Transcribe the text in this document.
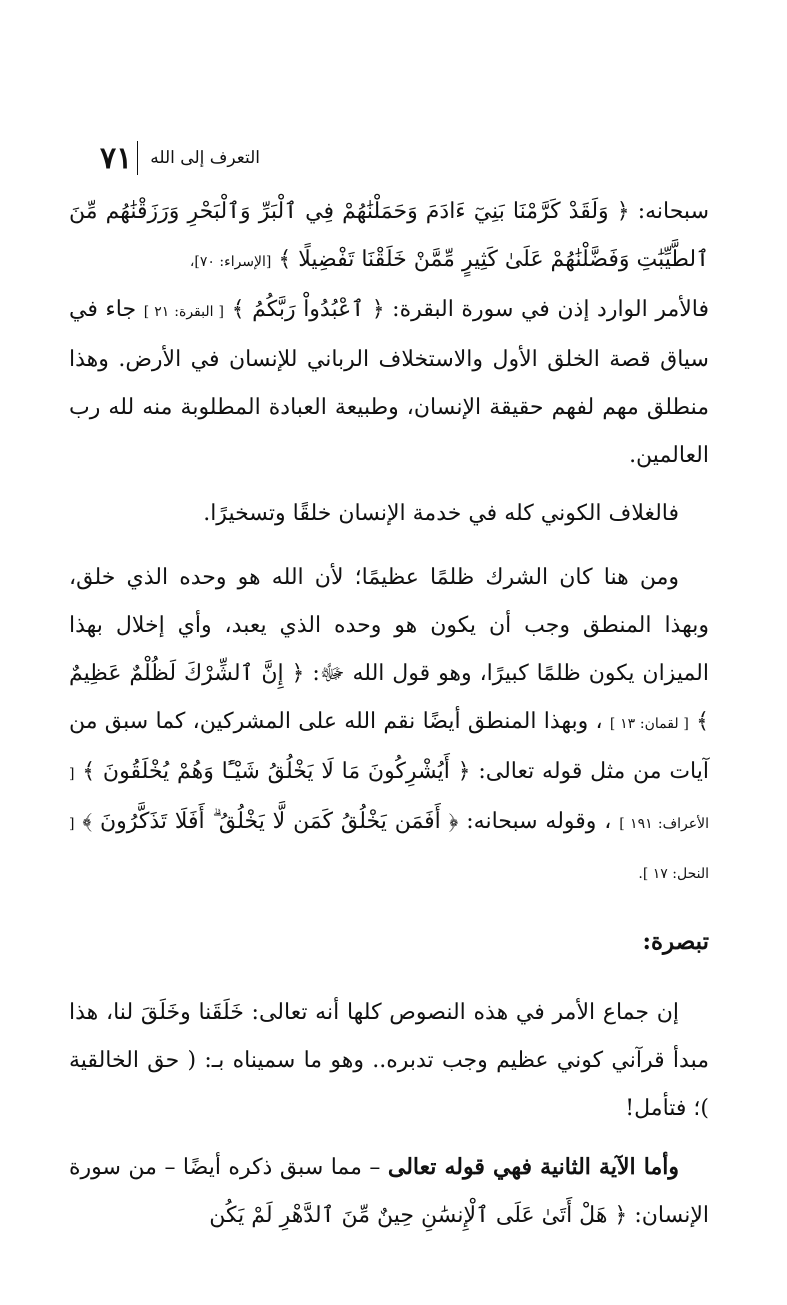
٧١ التعرف إلى الله

سبحانه: ﴿ وَلَقَدْ كَرَّمْنَا بَنِيٓ ءَادَمَ وَحَمَلْنَٰهُمْ فِي ٱلْبَرِّ وَٱلْبَحْرِ وَرَزَقْنَٰهُم مِّنَ ٱلطَّيِّبَٰتِ وَفَضَّلْنَٰهُمْ عَلَىٰ كَثِيرٍ مِّمَّنْ خَلَقْنَا تَفْضِيلًا ﴾ [الإسراء: ٧٠]،

فالأمر الوارد إذن في سورة البقرة: ﴿ ٱعْبُدُواْ رَبَّكُمُ ﴾ [ البقرة: ٢١ ] جاء في سياق قصة الخلق الأول والاستخلاف الرباني للإنسان في الأرض. وهذا منطلق مهم لفهم حقيقة الإنسان، وطبيعة العبادة المطلوبة منه لله رب العالمين.

فالغلاف الكوني كله في خدمة الإنسان خلقًا وتسخيرًا.

ومن هنا كان الشرك ظلمًا عظيمًا؛ لأن الله هو وحده الذي خلق، وبهذا المنطق وجب أن يكون هو وحده الذي يعبد، وأي إخلال بهذا الميزان يكون ظلمًا كبيرًا، وهو قول الله ﷻ: ﴿ إِنَّ ٱلشِّرْكَ لَظُلْمٌ عَظِيمٌ ﴾ [ لقمان: ١٣ ] ، وبهذا المنطق أيضًا نقم الله على المشركين، كما سبق من آيات من مثل قوله تعالى: ﴿ أَيُشْرِكُونَ مَا لَا يَخْلُقُ شَيْـًٔا وَهُمْ يُخْلَقُونَ ﴾ [ الأعراف: ١٩١ ] ، وقوله سبحانه: ﴿ أَفَمَن يَخْلُقُ كَمَن لَّا يَخْلُقُ ۗ أَفَلَا تَذَكَّرُونَ ﴾ [ النحل: ١٧ ].

تبصرة:

إن جماع الأمر في هذه النصوص كلها أنه تعالى: خَلَقَنا وخَلَقَ لنا، هذا مبدأ قرآني كوني عظيم وجب تدبره.. وهو ما سميناه بـ: ( حق الخالقية )؛ فتأمل!

وأما الآية الثانية فهي قوله تعالى – مما سبق ذكره أيضًا – من سورة الإنسان: ﴿ هَلْ أَتَىٰ عَلَى ٱلْإِنسَٰنِ حِينٌ مِّنَ ٱلدَّهْرِ لَمْ يَكُن
